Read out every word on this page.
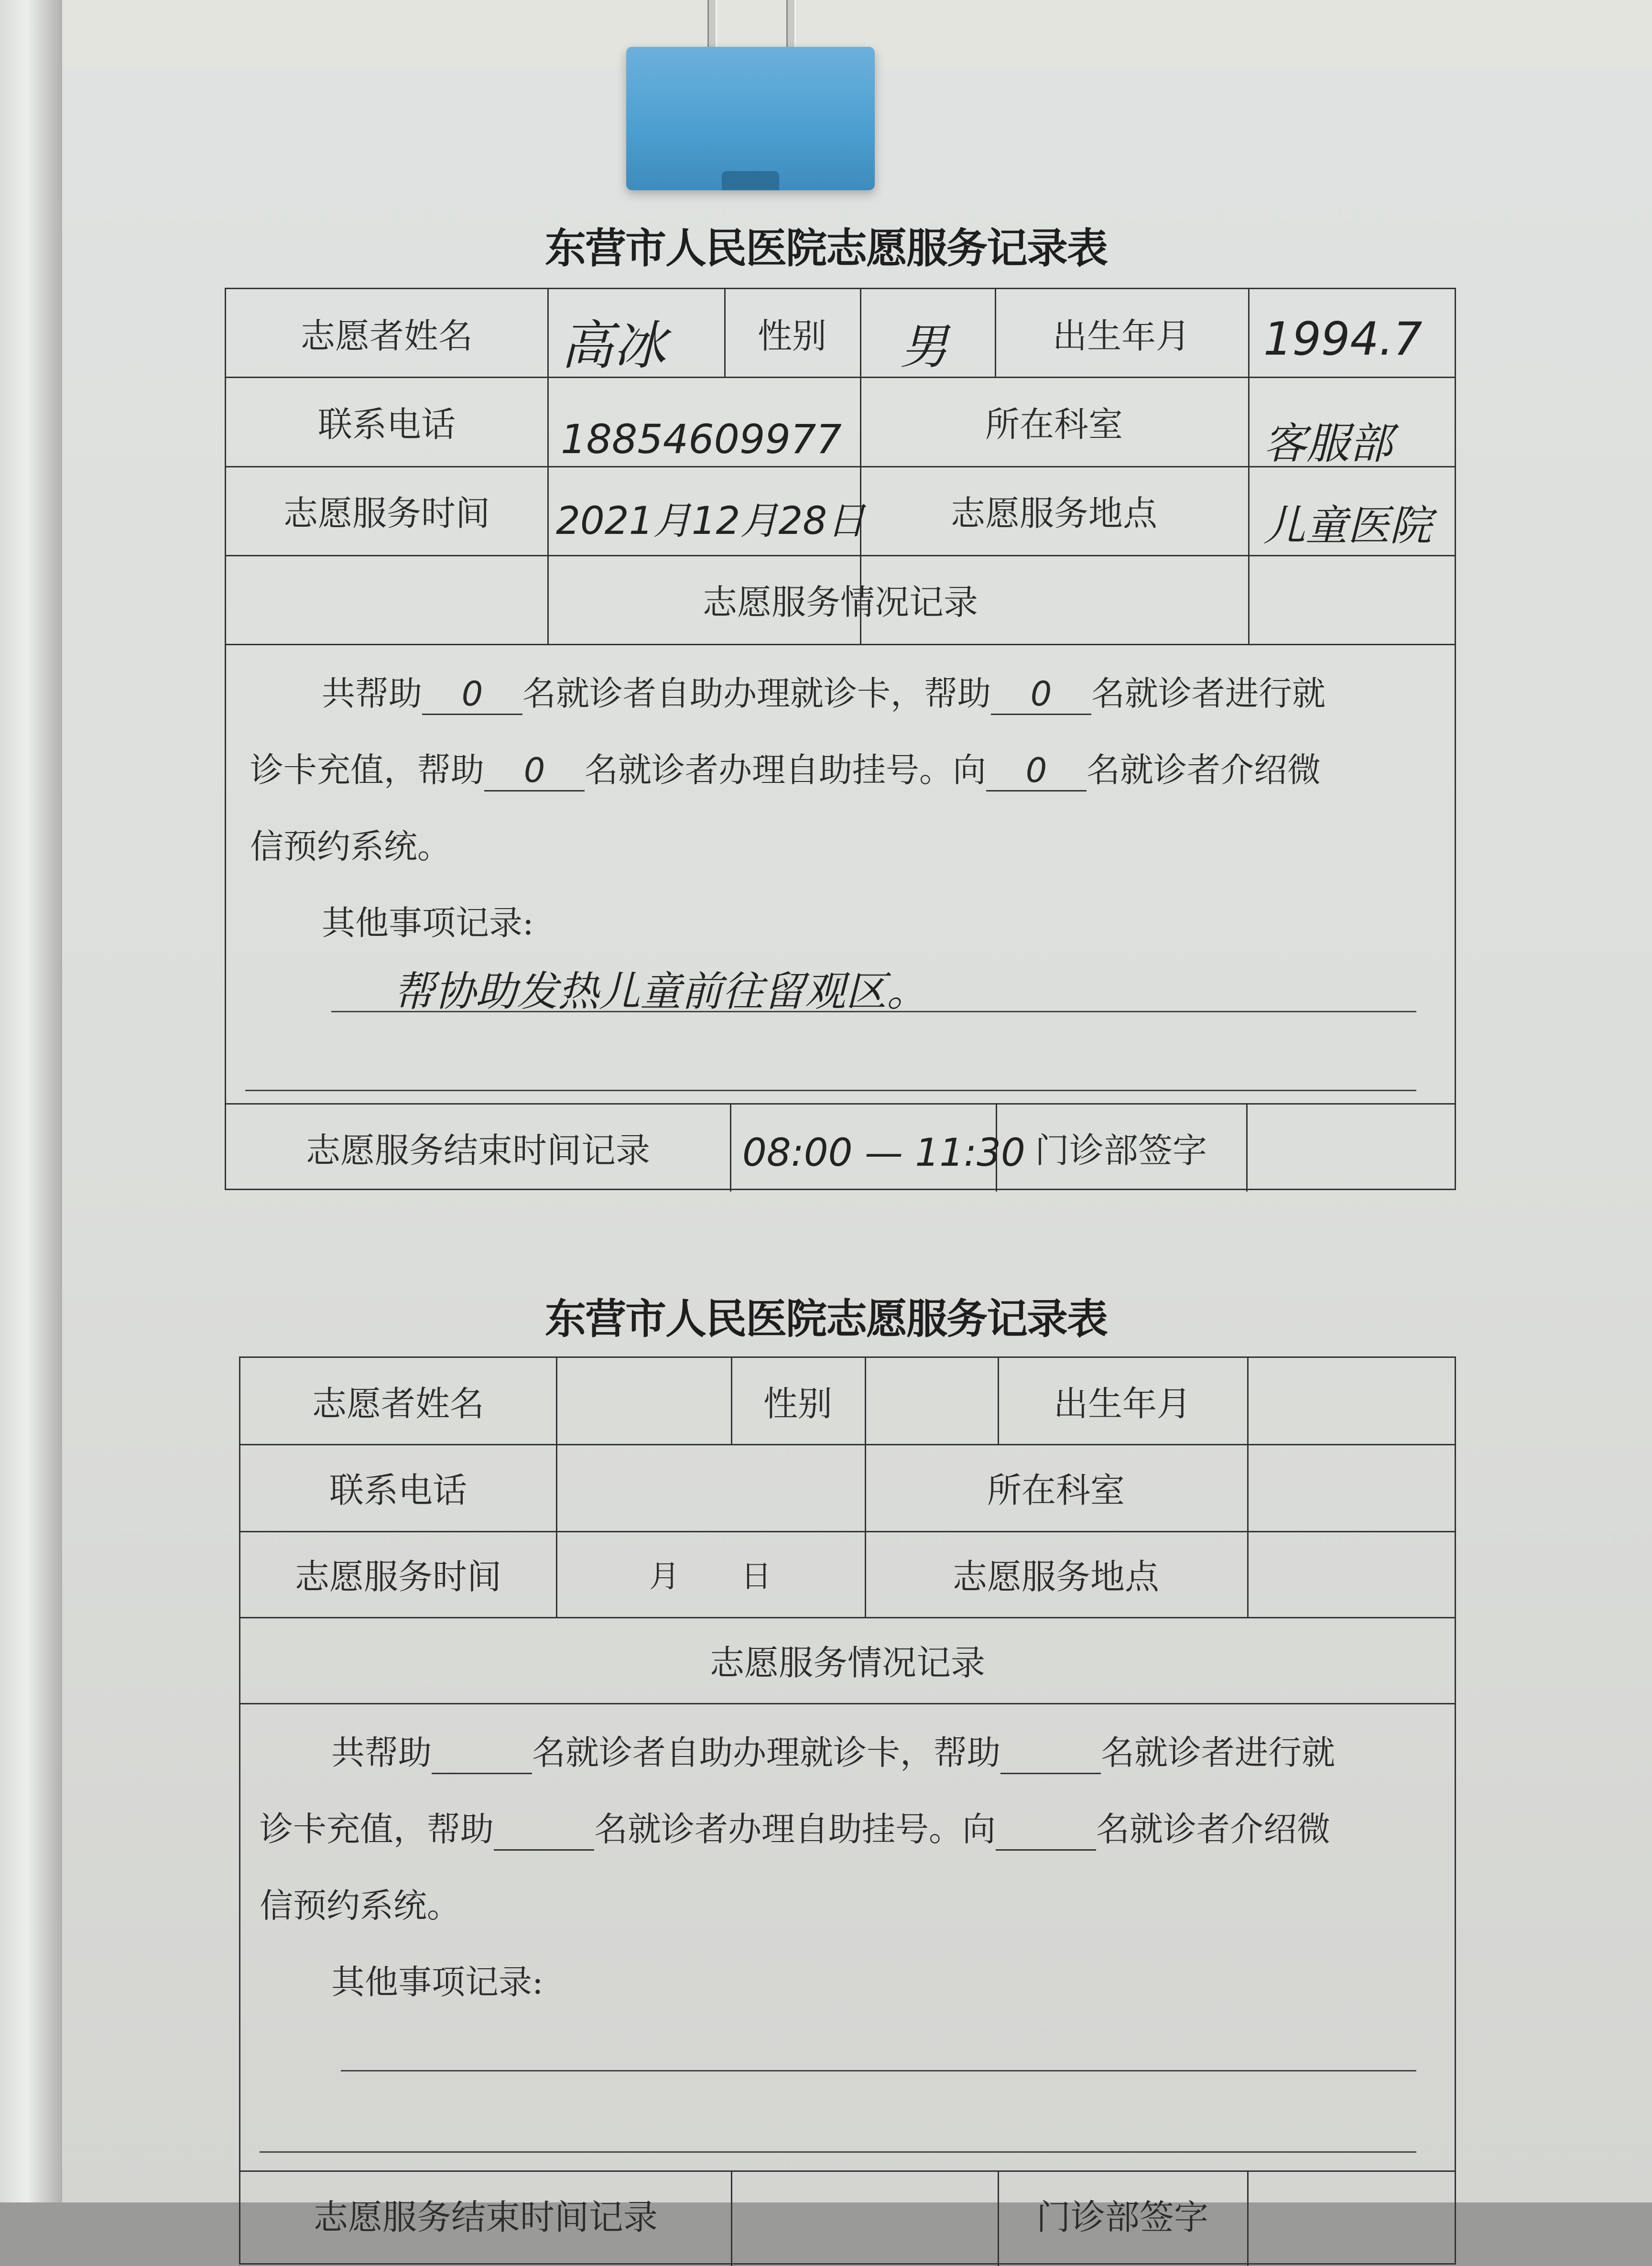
东营市人民医院志愿服务记录表
志愿者姓名	高冰	性别	男	出生年月	1994.7
联系电话	18854609977	所在科室	客服部
志愿服务时间	2021月12月28日	志愿服务地点	儿童医院
志愿服务情况记录
共帮助 0 名就诊者自助办理就诊卡，帮助 0 名就诊者进行就
诊卡充值，帮助 0 名就诊者办理自助挂号。向 0 名就诊者介绍微
信预约系统。
其他事项记录:
帮协助发热儿童前往留观区。
志愿服务结束时间记录	08:00 — 11:30 门诊部签字
东营市人民医院志愿服务记录表
志愿者姓名	性别	出生年月
联系电话	所在科室
志愿服务时间	月　　日	志愿服务地点
志愿服务情况记录
共帮助	名就诊者自助办理就诊卡，帮助	名就诊者进行就
诊卡充值，帮助	名就诊者办理自助挂号。向	名就诊者介绍微
信预约系统。
其他事项记录:
志愿服务结束时间记录	门诊部签字
